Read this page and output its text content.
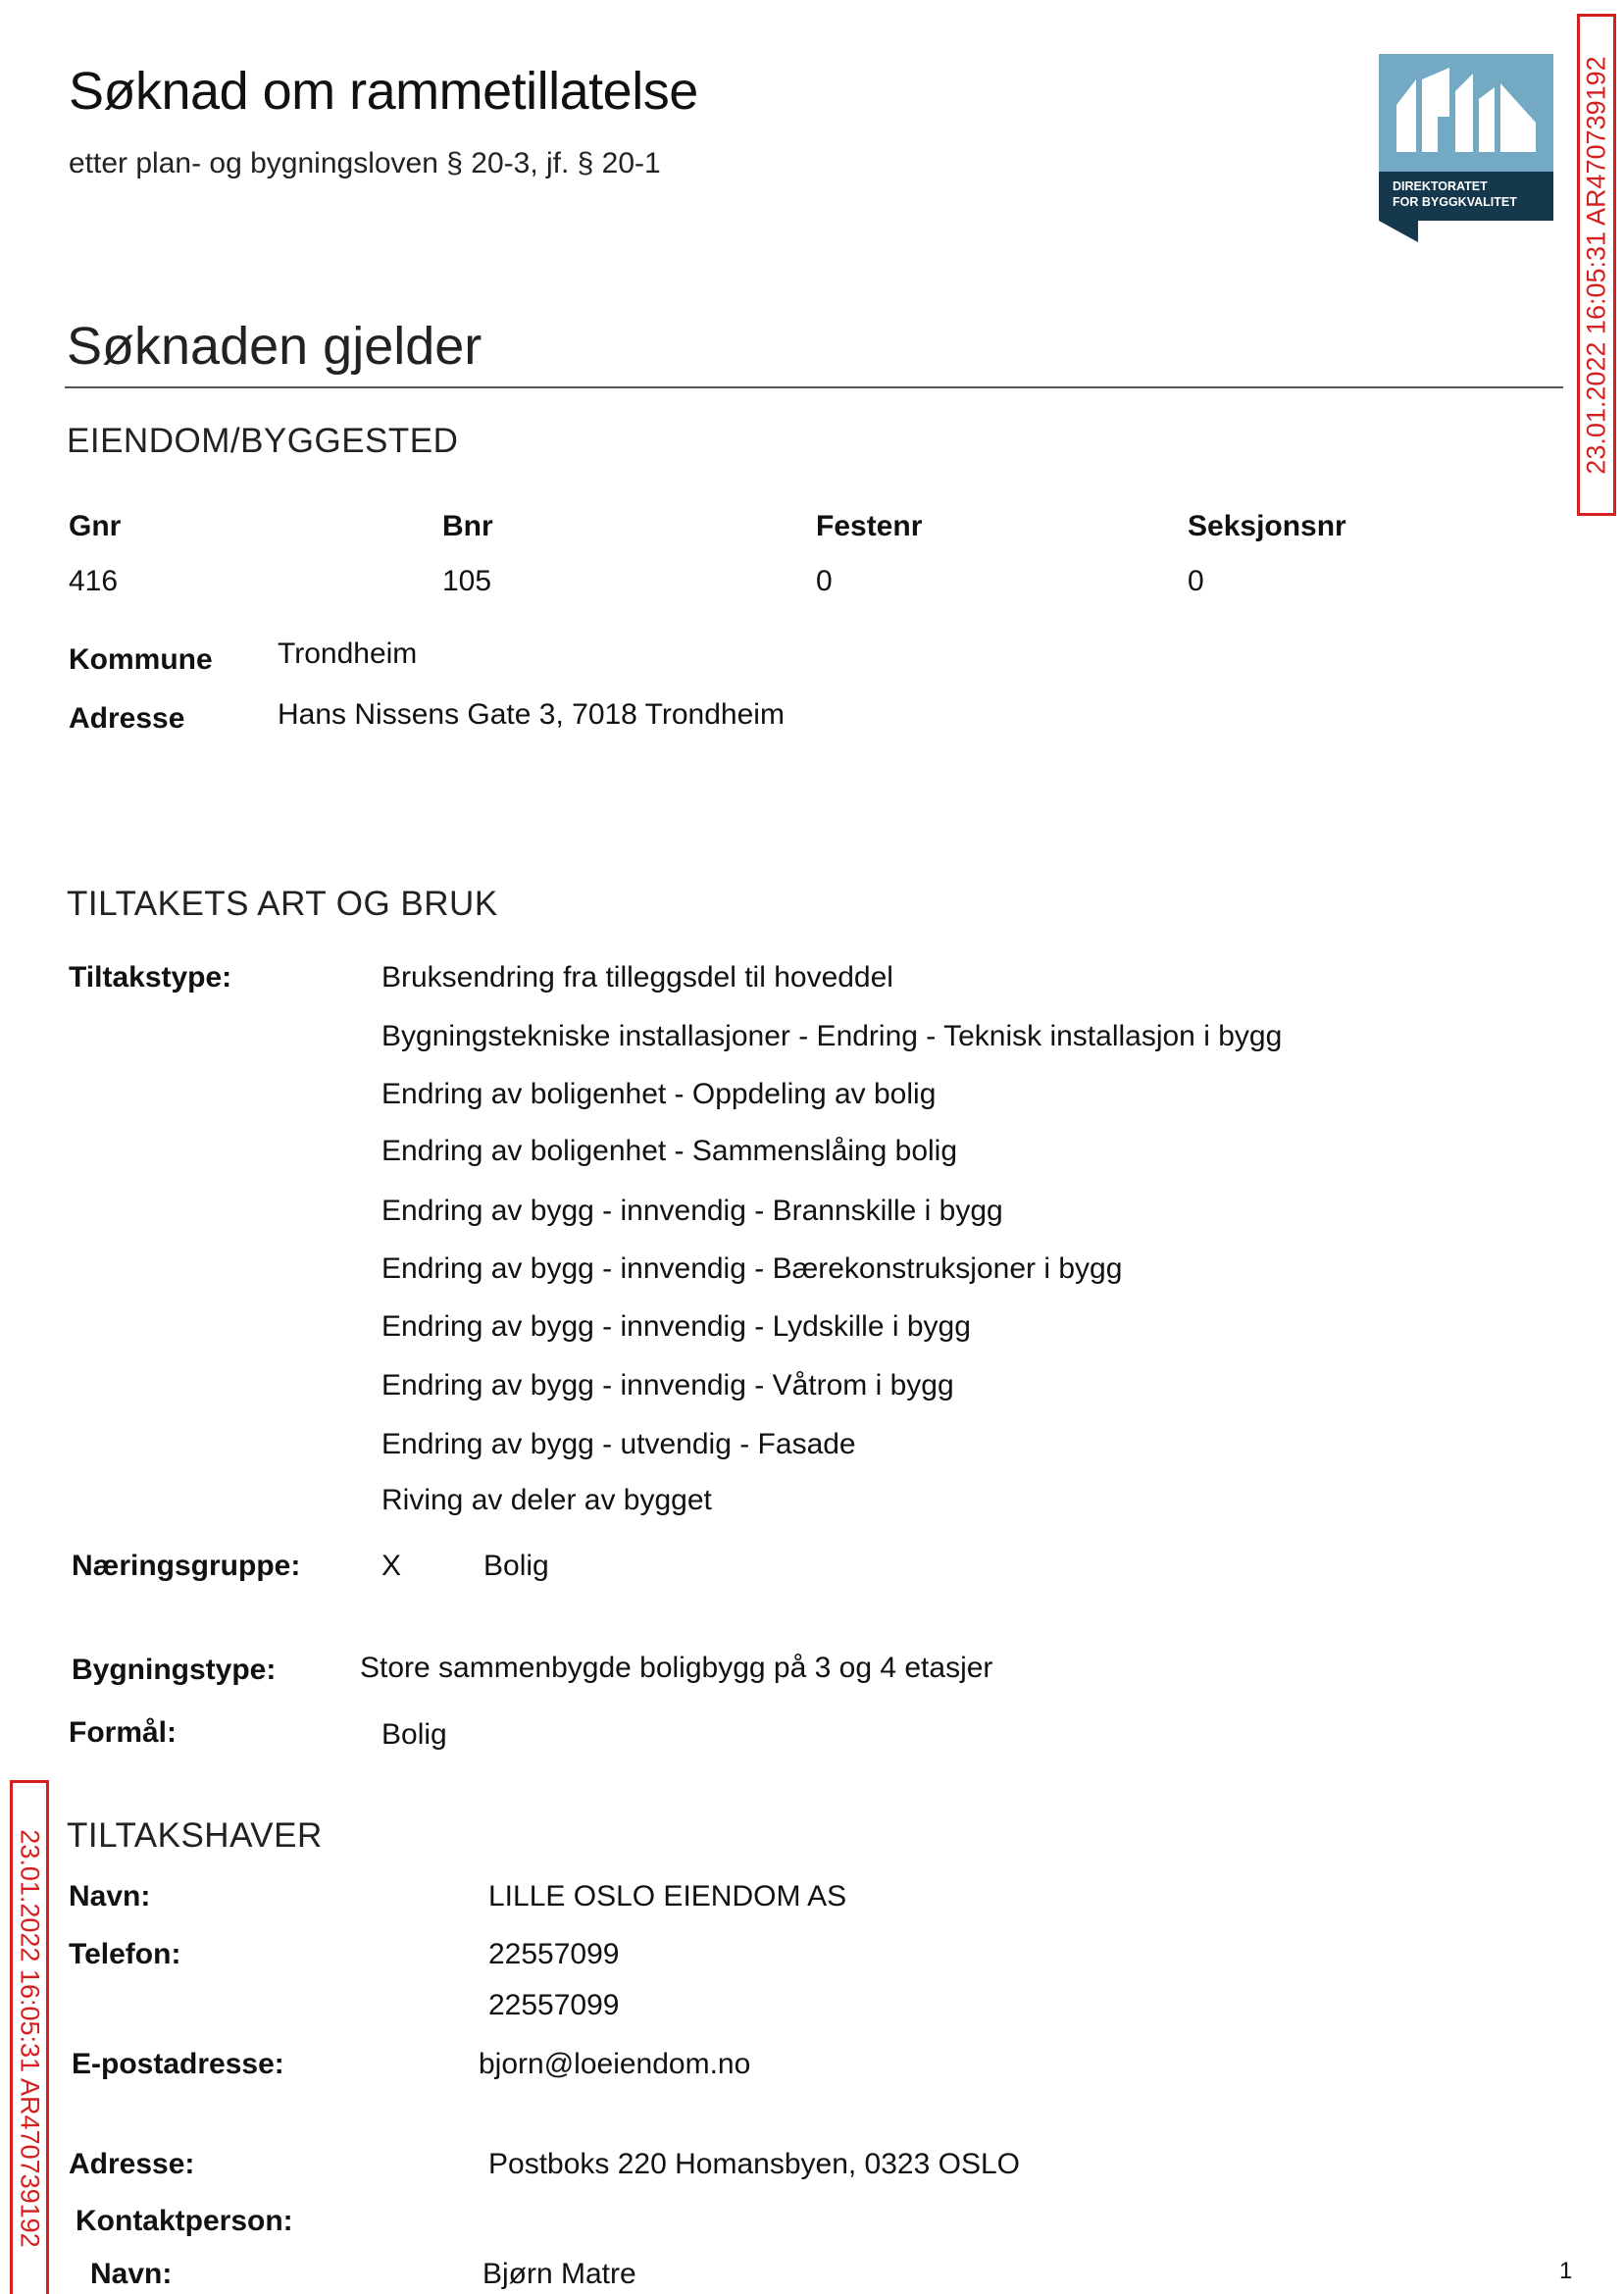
Søknad om rammetillatelse
etter plan- og bygningsloven § 20-3, jf. § 20-1
DIREKTORATET
FOR BYGGKVALITET 23.01.2022 16:05:31 AR470739192
23.01.2022 16:05:31 AR470739192
Søknaden gjelder
EIENDOM/BYGGESTED
Gnr	Bnr	Festenr	Seksjonsnr
416	105	0	0
Kommune Trondheim
Adresse	Hans Nissens Gate 3, 7018 Trondheim
TILTAKETS ART OG BRUK
Tiltakstype:	Bruksendring fra tilleggsdel til hoveddel
Bygningstekniske installasjoner - Endring - Teknisk installasjon i bygg
Endring av boligenhet - Oppdeling av bolig
Endring av boligenhet - Sammenslåing bolig
Endring av bygg - innvendig - Brannskille i bygg
Endring av bygg - innvendig - Bærekonstruksjoner i bygg
Endring av bygg - innvendig - Lydskille i bygg
Endring av bygg - innvendig - Våtrom i bygg
Endring av bygg - utvendig - Fasade
Riving av deler av bygget
Næringsgruppe:	X	Bolig
Bygningstype:	Store sammenbygde boligbygg på 3 og 4 etasjer
Formål:	Bolig
TILTAKSHAVER
Navn:	LILLE OSLO EIENDOM AS
Telefon:	22557099
22557099
E-postadresse:	bjorn@loeiendom.no
Adresse:	Postboks 220 Homansbyen, 0323 OSLO
Kontaktperson:
Navn:	Bjørn Matre	1
